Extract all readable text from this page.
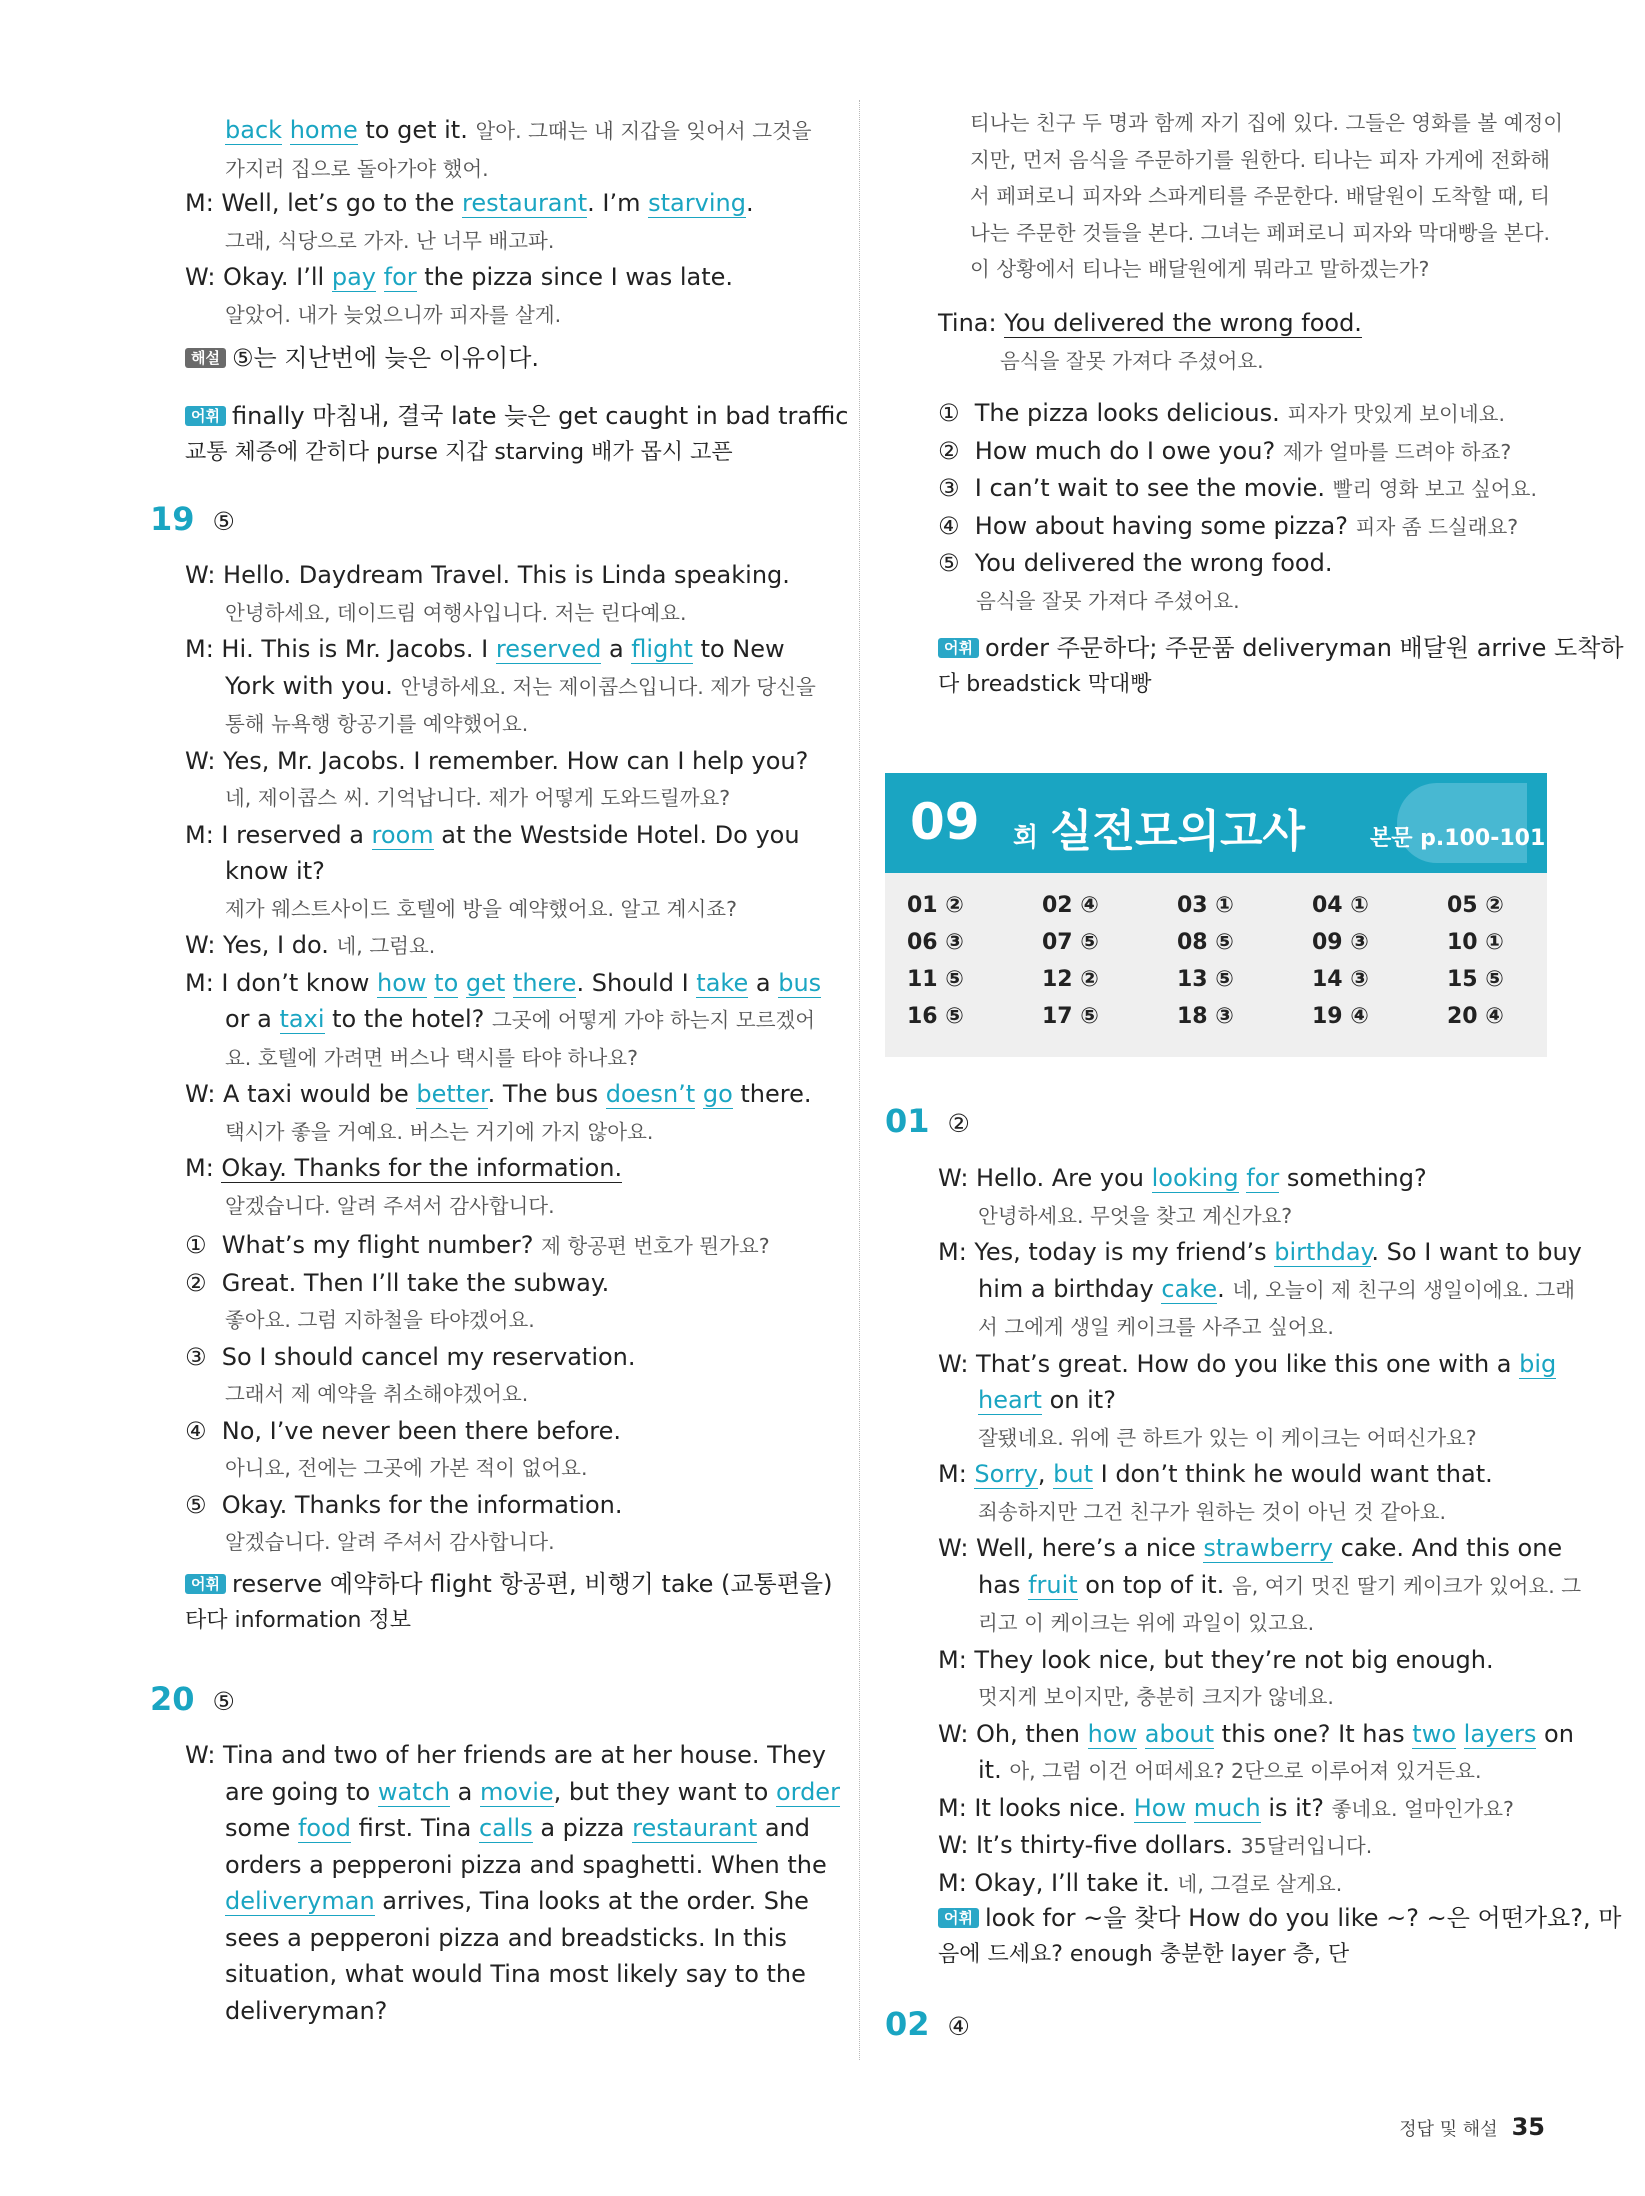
back home to get it. 알아. 그때는 내 지갑을 잊어서 그것을
가지러 집으로 돌아가야 했어.
M: Well, let’s go to the restaurant. I’m starving.
그래, 식당으로 가자. 난 너무 배고파.
W: Okay. I’ll pay for the pizza since I was late.
알았어. 내가 늦었으니까 피자를 살게.
해설 ⑤는 지난번에 늦은 이유이다.
어휘 finally 마침내, 결국 late 늦은 get caught in bad traffic
교통 체증에 갇히다 purse 지갑 starving 배가 몹시 고픈
19 ⑤
W: Hello. Daydream Travel. This is Linda speaking.
안녕하세요, 데이드림 여행사입니다. 저는 린다예요.
M: Hi. This is Mr. Jacobs. I reserved a flight to New
York with you. 안녕하세요. 저는 제이콥스입니다. 제가 당신을
통해 뉴욕행 항공기를 예약했어요.
W: Yes, Mr. Jacobs. I remember. How can I help you?
네, 제이콥스 씨. 기억납니다. 제가 어떻게 도와드릴까요?
M: I reserved a room at the Westside Hotel. Do you
know it?
제가 웨스트사이드 호텔에 방을 예약했어요. 알고 계시죠?
W: Yes, I do. 네, 그럼요.
M: I don’t know how to get there. Should I take a bus
or a taxi to the hotel? 그곳에 어떻게 가야 하는지 모르겠어
요. 호텔에 가려면 버스나 택시를 타야 하나요?
W: A taxi would be better. The bus doesn’t go there.
택시가 좋을 거예요. 버스는 거기에 가지 않아요.
M: Okay. Thanks for the information.
알겠습니다. 알려 주셔서 감사합니다.
①  What’s my flight number? 제 항공편 번호가 뭔가요?
②  Great. Then I’ll take the subway.
좋아요. 그럼 지하철을 타야겠어요.
③  So I should cancel my reservation.
그래서 제 예약을 취소해야겠어요.
④  No, I’ve never been there before.
아니요, 전에는 그곳에 가본 적이 없어요.
⑤  Okay. Thanks for the information.
알겠습니다. 알려 주셔서 감사합니다.
어휘 reserve 예약하다 flight 항공편, 비행기 take (교통편을)
타다 information 정보
20 ⑤
W: Tina and two of her friends are at her house. They
are going to watch a movie, but they want to order
some food first. Tina calls a pizza restaurant and
orders a pepperoni pizza and spaghetti. When the
deliveryman arrives, Tina looks at the order. She
sees a pepperoni pizza and breadsticks. In this
situation, what would Tina most likely say to the
deliveryman?
티나는 친구 두 명과 함께 자기 집에 있다. 그들은 영화를 볼 예정이
지만, 먼저 음식을 주문하기를 원한다. 티나는 피자 가게에 전화해
서 페퍼로니 피자와 스파게티를 주문한다. 배달원이 도착할 때, 티
나는 주문한 것들을 본다. 그녀는 페퍼로니 피자와 막대빵을 본다.
이 상황에서 티나는 배달원에게 뭐라고 말하겠는가?
Tina: You delivered the wrong food.
음식을 잘못 가져다 주셨어요.
①  The pizza looks delicious. 피자가 맛있게 보이네요.
②  How much do I owe you? 제가 얼마를 드려야 하죠?
③  I can’t wait to see the movie. 빨리 영화 보고 싶어요.
④  How about having some pizza? 피자 좀 드실래요?
⑤  You delivered the wrong food.
음식을 잘못 가져다 주셨어요.
어휘 order 주문하다; 주문품 deliveryman 배달원 arrive 도착하
다 breadstick 막대빵
09 회 실전모의고사	본문 p.100-101
01 ②	02 ④	03 ①	04 ①	05 ②
06 ③	07 ⑤	08 ⑤	09 ③	10 ①
11 ⑤	12 ②	13 ⑤	14 ③	15 ⑤
16 ⑤	17 ⑤	18 ③	19 ④	20 ④
01 ②
W: Hello. Are you looking for something?
안녕하세요. 무엇을 찾고 계신가요?
M: Yes, today is my friend’s birthday. So I want to buy
him a birthday cake. 네, 오늘이 제 친구의 생일이에요. 그래
서 그에게 생일 케이크를 사주고 싶어요.
W: That’s great. How do you like this one with a big
heart on it?
잘됐네요. 위에 큰 하트가 있는 이 케이크는 어떠신가요?
M: Sorry, but I don’t think he would want that.
죄송하지만 그건 친구가 원하는 것이 아닌 것 같아요.
W: Well, here’s a nice strawberry cake. And this one
has fruit on top of it. 음, 여기 멋진 딸기 케이크가 있어요. 그
리고 이 케이크는 위에 과일이 있고요.
M: They look nice, but they’re not big enough.
멋지게 보이지만, 충분히 크지가 않네요.
W: Oh, then how about this one? It has two layers on
it. 아, 그럼 이건 어떠세요? 2단으로 이루어져 있거든요.
M: It looks nice. How much is it? 좋네요. 얼마인가요?
W: It’s thirty-five dollars. 35달러입니다.
M: Okay, I’ll take it. 네, 그걸로 살게요.
어휘 look for ~을 찾다 How do you like ~? ~은 어떤가요?, 마
음에 드세요? enough 충분한 layer 층, 단
02 ④
정답 및 해설 35
